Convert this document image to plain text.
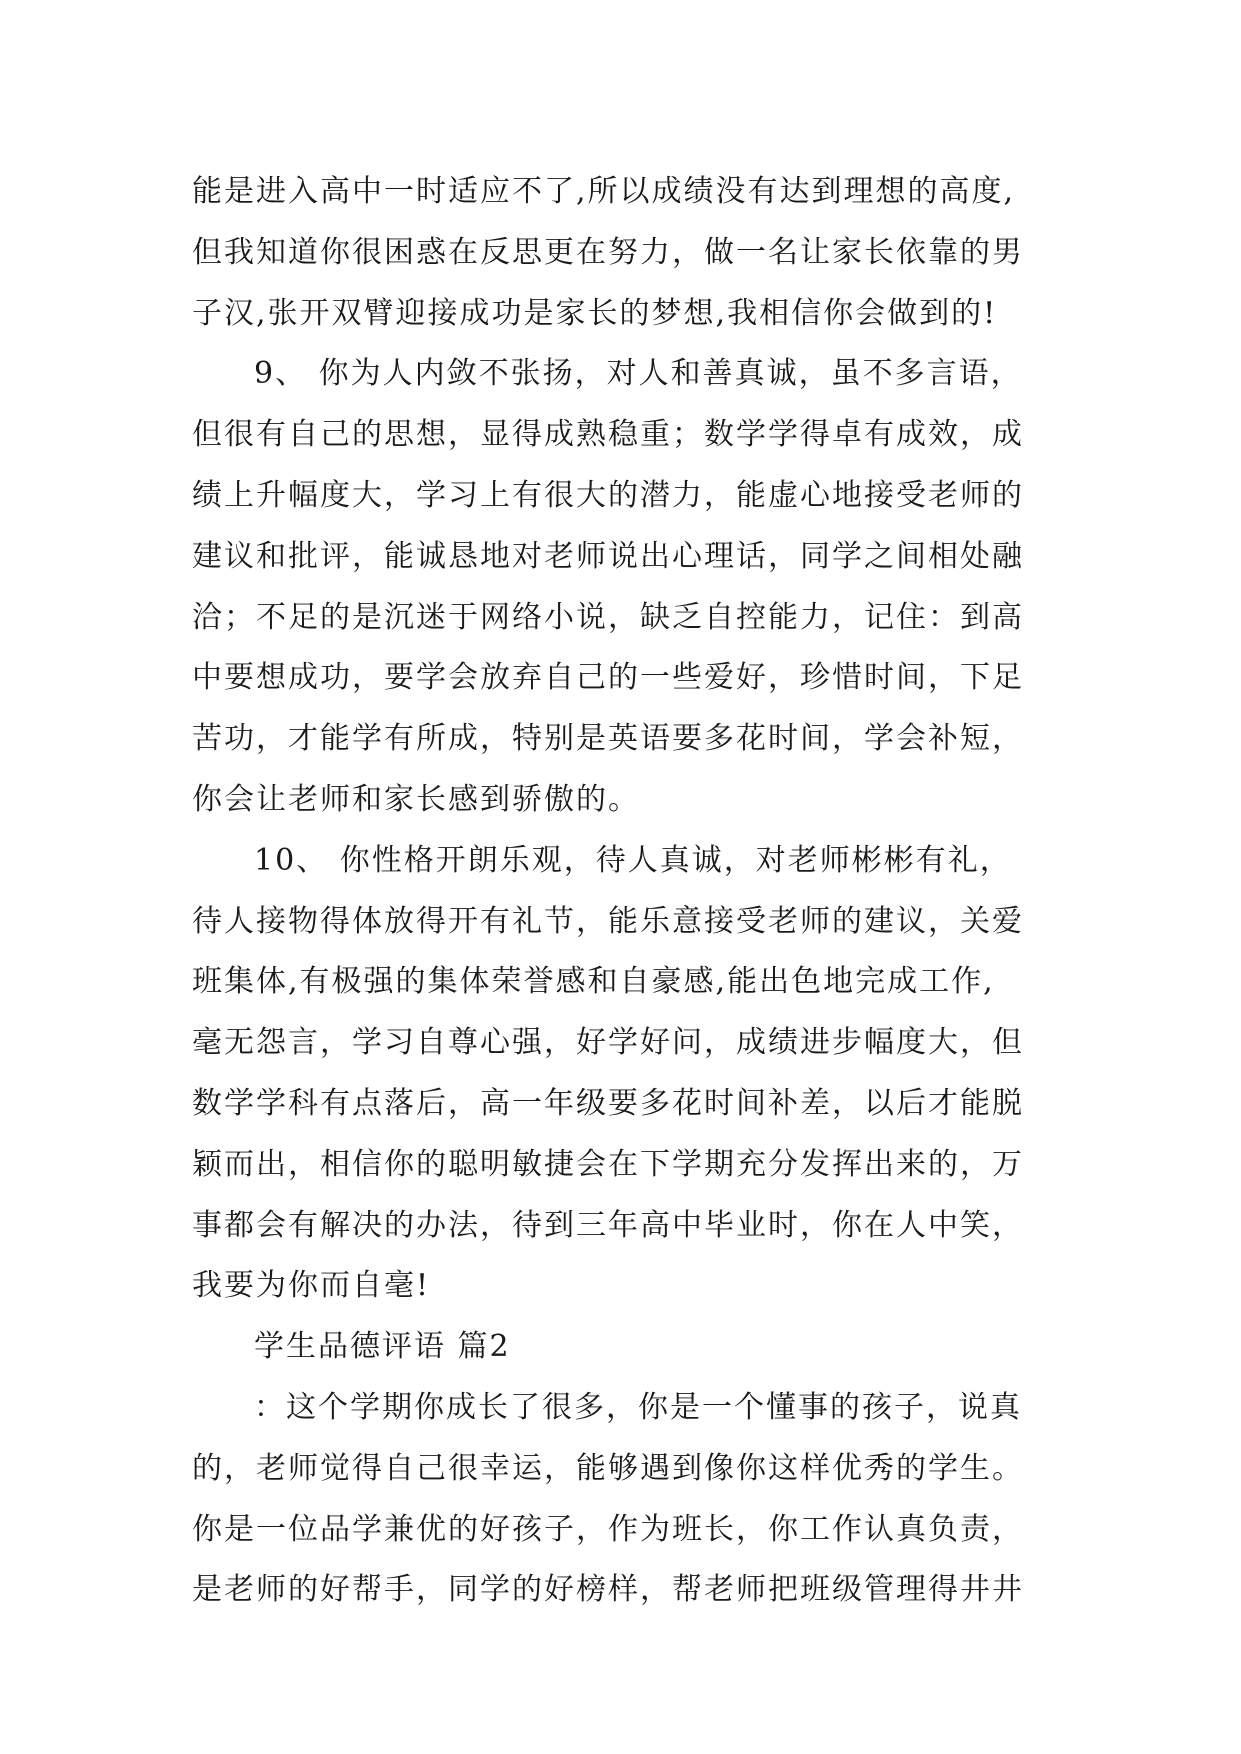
能是进入高中一时适应不了,所以成绩没有达到理想的高度,
但我知道你很困惑在反思更在努力，做一名让家长依靠的男
子汉,张开双臂迎接成功是家长的梦想,我相信你会做到的!
9、 你为人内敛不张扬，对人和善真诚，虽不多言语，
但很有自己的思想，显得成熟稳重；数学学得卓有成效，成
绩上升幅度大，学习上有很大的潜力，能虚心地接受老师的
建议和批评，能诚恳地对老师说出心理话，同学之间相处融
洽；不足的是沉迷于网络小说，缺乏自控能力，记住：到高
中要想成功，要学会放弃自己的一些爱好，珍惜时间，下足
苦功，才能学有所成，特别是英语要多花时间，学会补短，
你会让老师和家长感到骄傲的。
10、 你性格开朗乐观，待人真诚，对老师彬彬有礼，
待人接物得体放得开有礼节，能乐意接受老师的建议，关爱
班集体,有极强的集体荣誉感和自豪感,能出色地完成工作,
毫无怨言，学习自尊心强，好学好问，成绩进步幅度大，但
数学学科有点落后，高一年级要多花时间补差，以后才能脱
颖而出，相信你的聪明敏捷会在下学期充分发挥出来的，万
事都会有解决的办法，待到三年高中毕业时，你在人中笑，
我要为你而自毫!
学生品德评语 篇2
：这个学期你成长了很多，你是一个懂事的孩子，说真
的，老师觉得自己很幸运，能够遇到像你这样优秀的学生。
你是一位品学兼优的好孩子，作为班长，你工作认真负责，
是老师的好帮手，同学的好榜样，帮老师把班级管理得井井
